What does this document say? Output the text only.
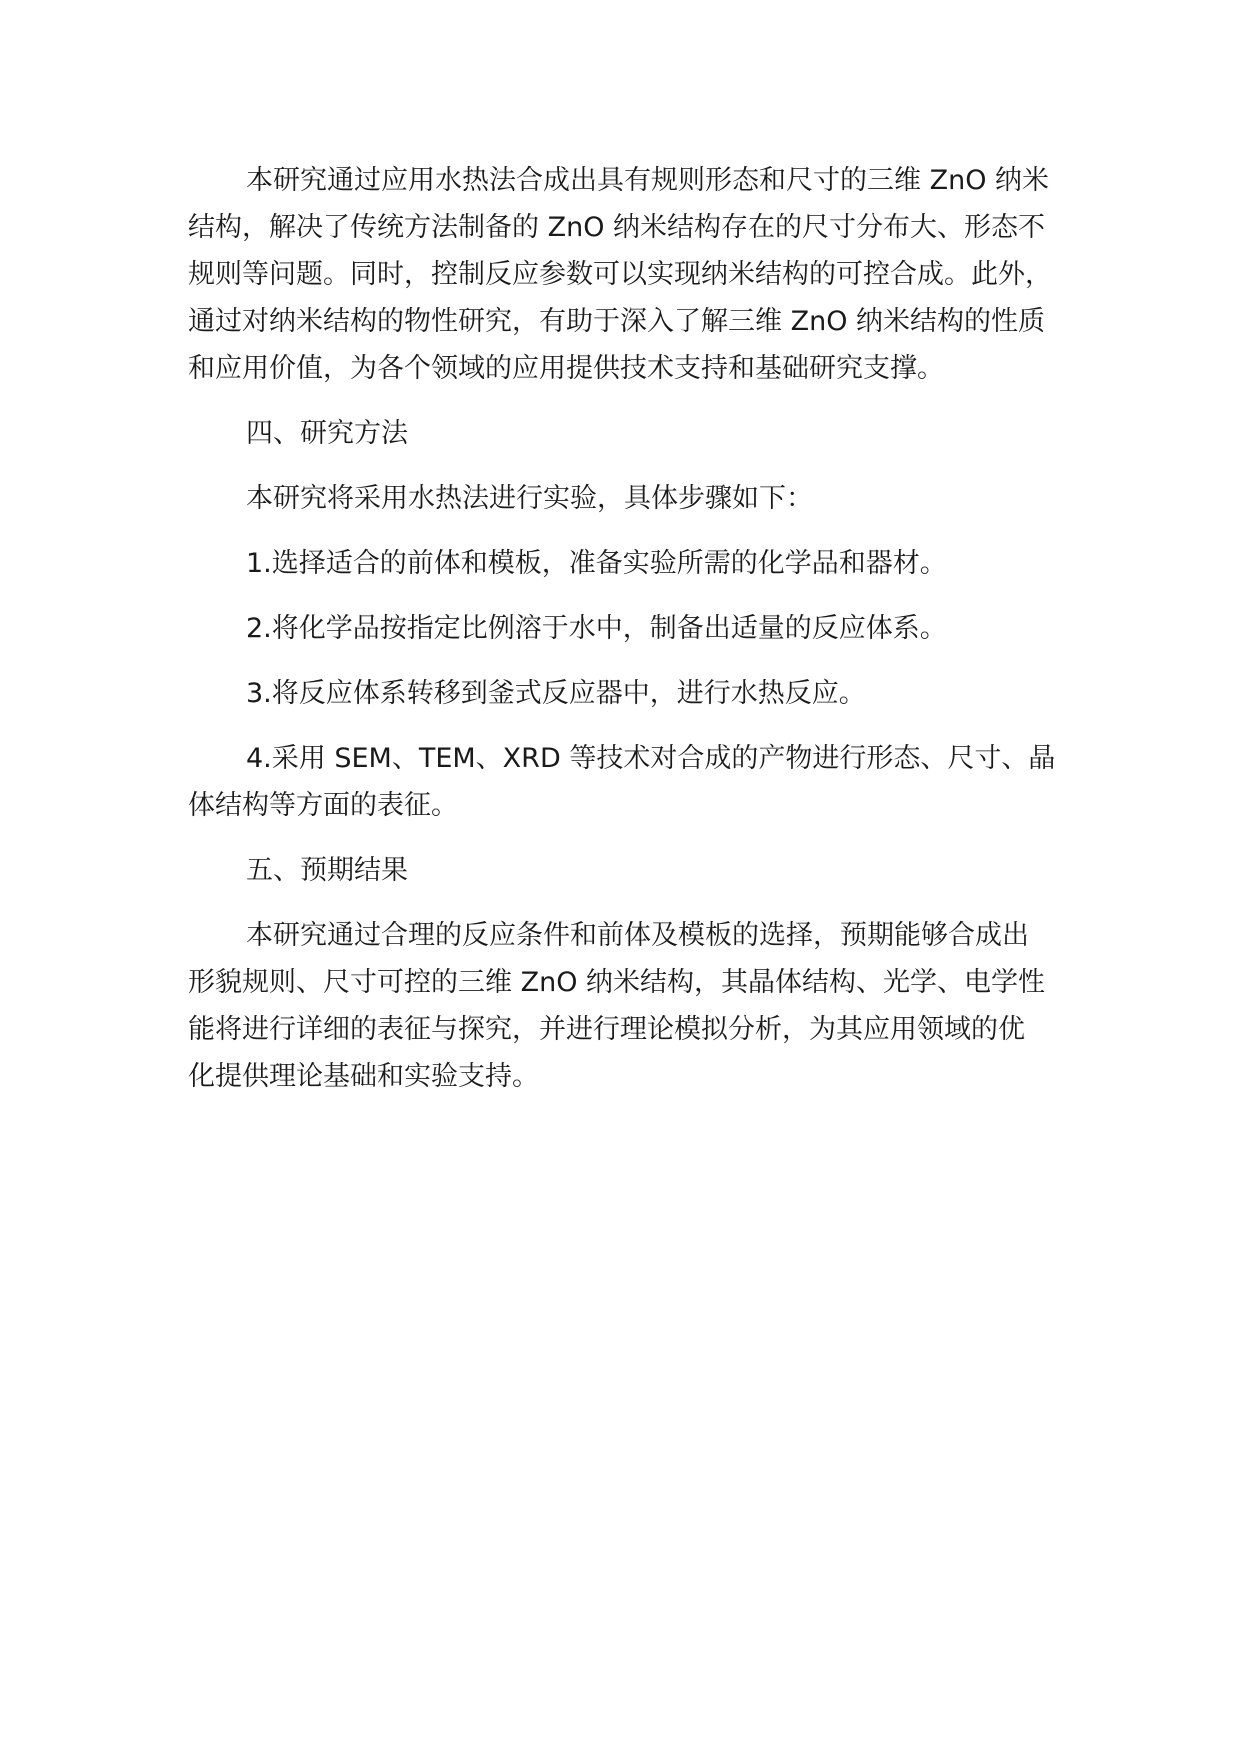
本研究通过应用水热法合成出具有规则形态和尺寸的三维 ZnO 纳米
结构，解决了传统方法制备的 ZnO 纳米结构存在的尺寸分布大、形态不
规则等问题。同时，控制反应参数可以实现纳米结构的可控合成。此外，
通过对纳米结构的物性研究，有助于深入了解三维 ZnO 纳米结构的性质
和应用价值，为各个领域的应用提供技术支持和基础研究支撑。
四、研究方法
本研究将采用水热法进行实验，具体步骤如下：
1.选择适合的前体和模板，准备实验所需的化学品和器材。
2.将化学品按指定比例溶于水中，制备出适量的反应体系。
3.将反应体系转移到釜式反应器中，进行水热反应。
4.采用 SEM、TEM、XRD 等技术对合成的产物进行形态、尺寸、晶
体结构等方面的表征。
五、预期结果
本研究通过合理的反应条件和前体及模板的选择，预期能够合成出
形貌规则、尺寸可控的三维 ZnO 纳米结构，其晶体结构、光学、电学性
能将进行详细的表征与探究，并进行理论模拟分析，为其应用领域的优
化提供理论基础和实验支持。
